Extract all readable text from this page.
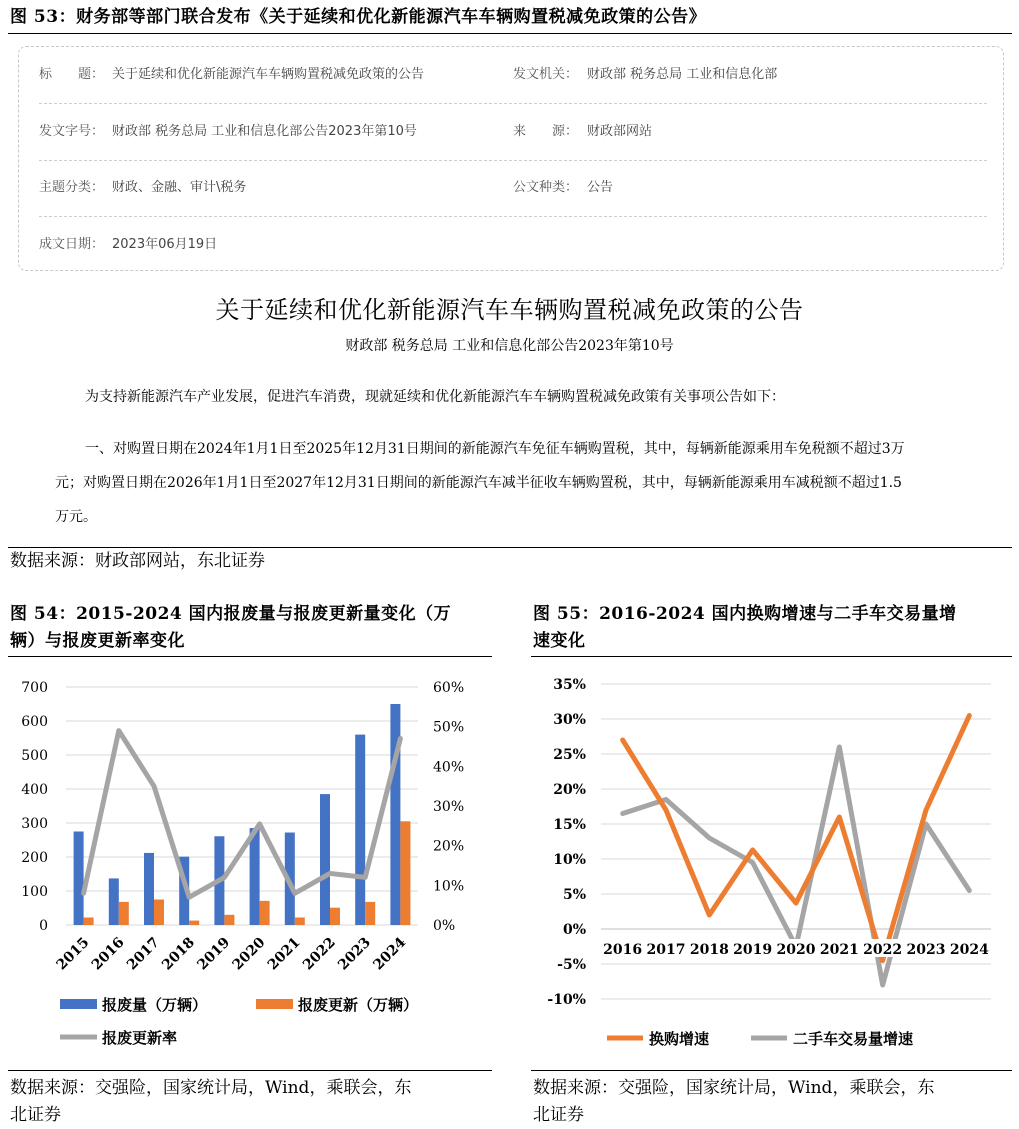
图 53：财务部等部门联合发布《关于延续和优化新能源汽车车辆购置税减免政策的公告》
标　　题： 关于延续和优化新能源汽车车辆购置税减免政策的公告	发文机关： 财政部 税务总局 工业和信息化部
发文字号： 财政部 税务总局 工业和信息化部公告2023年第10号	来　　源： 财政部网站
主题分类： 财政、金融、审计\税务	公文种类： 公告
成文日期： 2023年06月19日
关于延续和优化新能源汽车车辆购置税减免政策的公告
财政部 税务总局 工业和信息化部公告2023年第10号
为支持新能源汽车产业发展，促进汽车消费，现就延续和优化新能源汽车车辆购置税减免政策有关事项公告如下：
一、对购置日期在2024年1月1日至2025年12月31日期间的新能源汽车免征车辆购置税，其中，每辆新能源乘用车免税额不超过3万
元；对购置日期在2026年1月1日至2027年12月31日期间的新能源汽车减半征收车辆购置税，其中，每辆新能源乘用车减税额不超过1.5
万元。
数据来源：财政部网站，东北证券
图 54：2015-2024 国内报废量与报废更新量变化（万
辆）与报废更新率变化
0
100
200
300
400
500
600
700
0%
10%
20%
30%
40%
50%
60%
2015
2016
2017
2018
2019
2020
2021
2022
2023
2024
报废量（万辆）	报废更新（万辆）
报废更新率
数据来源：交强险，国家统计局，Wind，乘联会，东
北证券
图 55：2016-2024 国内换购增速与二手车交易量增
速变化
35%
30%
25%
20%
15%
10%
5%
0%
-5%
-10%
2016 2017 2018 2019 2020 2021 2022 2023 2024
换购增速	二手车交易量增速
数据来源：交强险，国家统计局，Wind，乘联会，东
北证券
